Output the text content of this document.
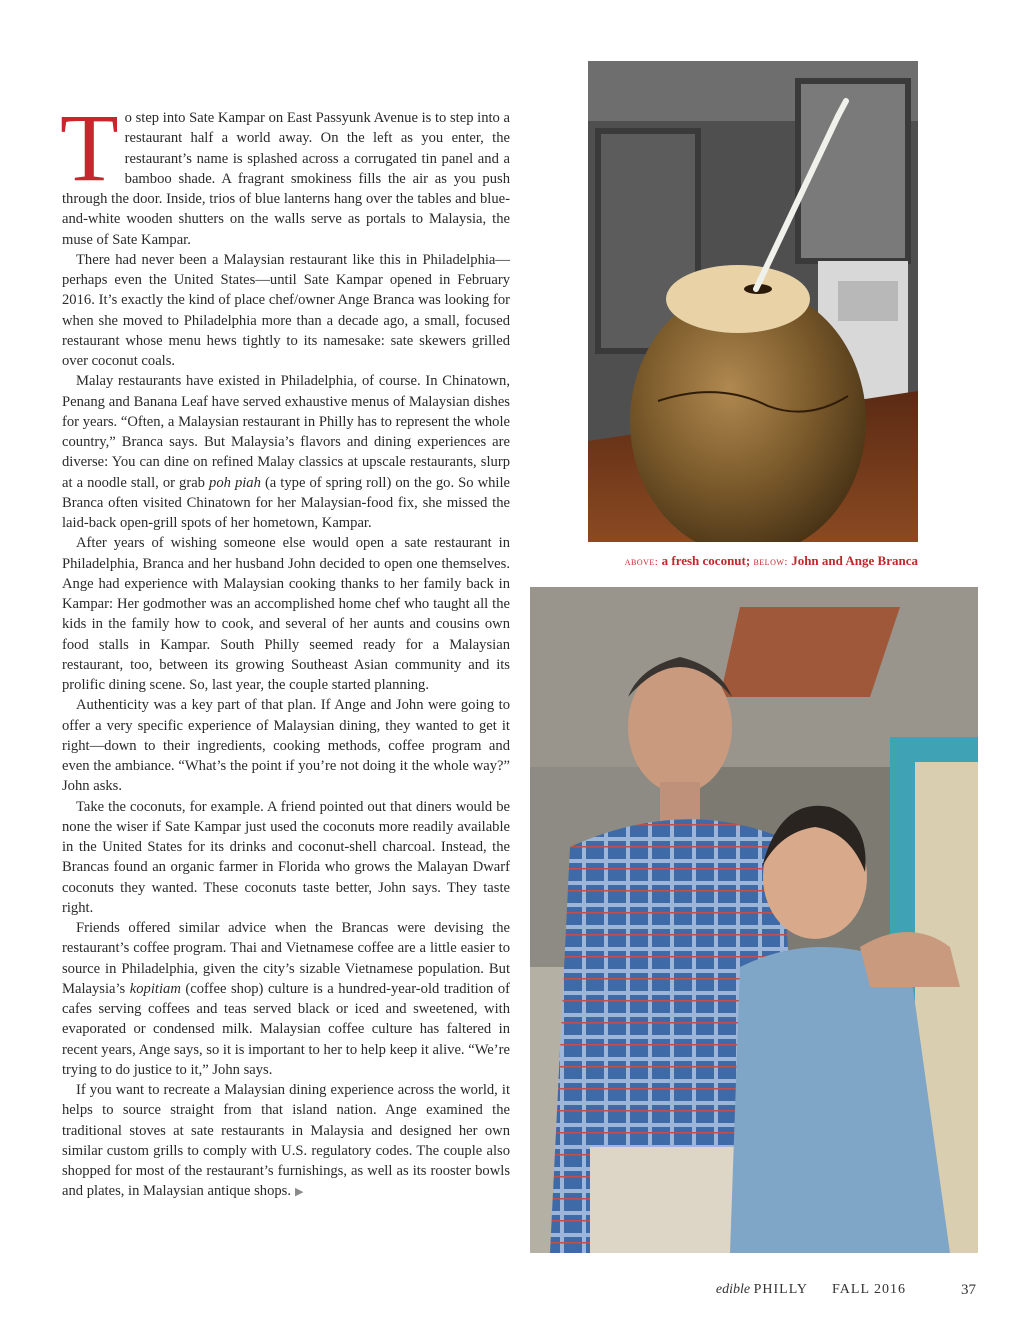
To step into Sate Kampar on East Passyunk Avenue is to step into a restaurant half a world away. On the left as you enter, the restaurant’s name is splashed across a corrugated tin panel and a bamboo shade. A fragrant smokiness fills the air as you push through the door. Inside, trios of blue lanterns hang over the tables and blue-and-white wooden shutters on the walls serve as portals to Malaysia, the muse of Sate Kampar.

There had never been a Malaysian restaurant like this in Philadelphia—perhaps even the United States—until Sate Kampar opened in February 2016. It’s exactly the kind of place chef/owner Ange Branca was looking for when she moved to Philadelphia more than a decade ago, a small, focused restaurant whose menu hews tightly to its namesake: sate skewers grilled over coconut coals.

Malay restaurants have existed in Philadelphia, of course. In Chinatown, Penang and Banana Leaf have served exhaustive menus of Malaysian dishes for years. “Often, a Malaysian restaurant in Philly has to represent the whole country,” Branca says. But Malaysia’s flavors and dining experiences are diverse: You can dine on refined Malay classics at upscale restaurants, slurp at a noodle stall, or grab poh piah (a type of spring roll) on the go. So while Branca often visited Chinatown for her Malaysian-food fix, she missed the laid-back open-grill spots of her hometown, Kampar.

After years of wishing someone else would open a sate restaurant in Philadelphia, Branca and her husband John decided to open one themselves. Ange had experience with Malaysian cooking thanks to her family back in Kampar: Her godmother was an accomplished home chef who taught all the kids in the family how to cook, and several of her aunts and cousins own food stalls in Kampar. South Philly seemed ready for a Malaysian restaurant, too, between its growing Southeast Asian community and its prolific dining scene. So, last year, the couple started planning.

Authenticity was a key part of that plan. If Ange and John were going to offer a very specific experience of Malaysian dining, they wanted to get it right—down to their ingredients, cooking methods, coffee program and even the ambiance. “What’s the point if you’re not doing it the whole way?” John asks.

Take the coconuts, for example. A friend pointed out that diners would be none the wiser if Sate Kampar just used the coconuts more readily available in the United States for its drinks and coconut-shell charcoal. Instead, the Brancas found an organic farmer in Florida who grows the Malayan Dwarf coconuts they wanted. These coconuts taste better, John says. They taste right.

Friends offered similar advice when the Brancas were devising the restaurant’s coffee program. Thai and Vietnamese coffee are a little easier to source in Philadelphia, given the city’s sizable Vietnamese population. But Malaysia’s kopitiam (coffee shop) culture is a hundred-year-old tradition of cafes serving coffees and teas served black or iced and sweetened, with evaporated or condensed milk. Malaysian coffee culture has faltered in recent years, Ange says, so it is important to her to help keep it alive. “We’re trying to do justice to it,” John says.

If you want to recreate a Malaysian dining experience across the world, it helps to source straight from that island nation. Ange examined the traditional stoves at sate restaurants in Malaysia and designed her own similar custom grills to comply with U.S. regulatory codes. The couple also shopped for most of the restaurant’s furnishings, as well as its rooster bowls and plates, in Malaysian antique shops. ▶

above: a fresh coconut; below: John and Ange Branca
edible PHILLY FALL 2016	37
